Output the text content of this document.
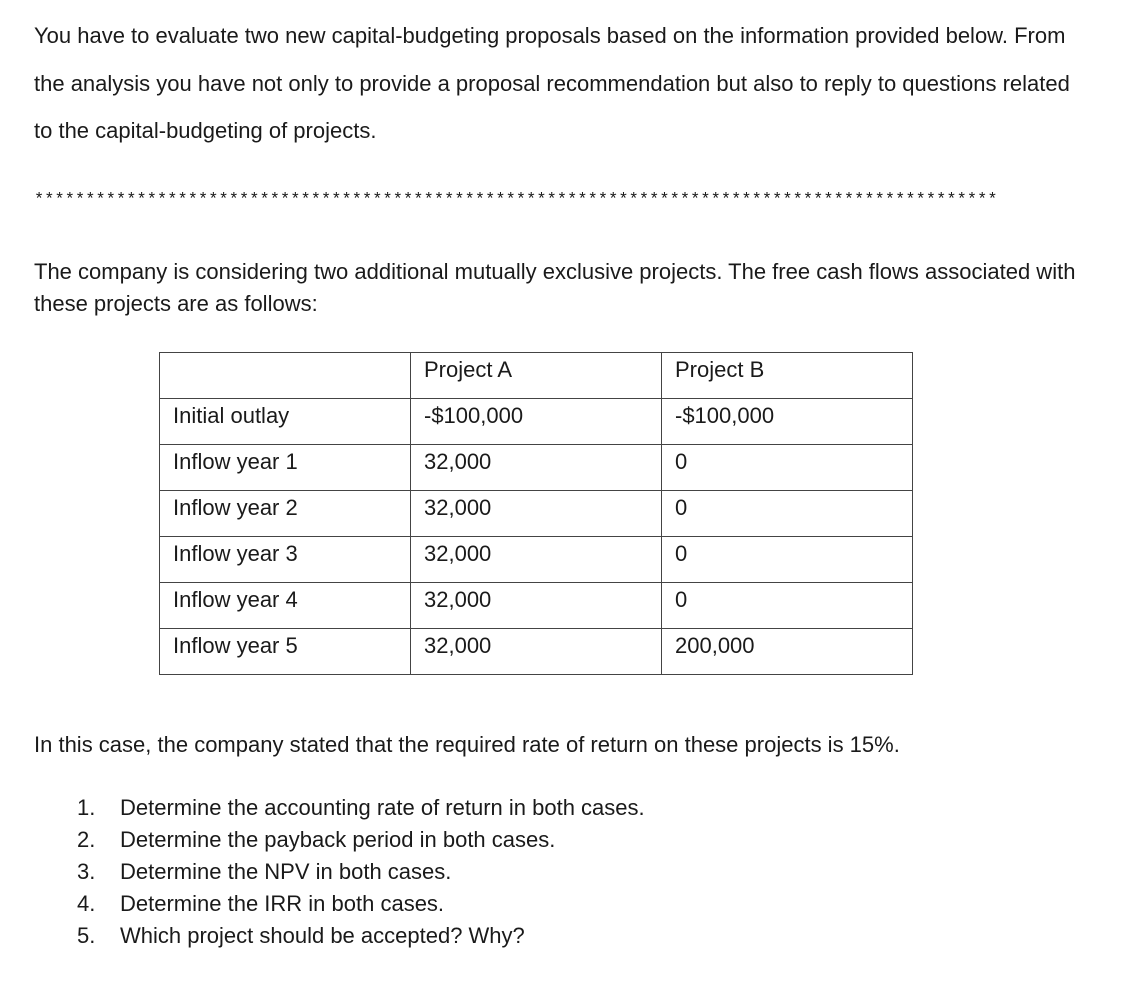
You have to evaluate two new capital-budgeting proposals based on the information provided below. From the analysis you have not only to provide a proposal recommendation but also to reply to questions related to the capital-budgeting of projects.

**********************************************************************************************

The company is considering two additional mutually exclusive projects. The free cash flows associated with these projects are as follows:

	Project A	Project B
Initial outlay	-$100,000	-$100,000
Inflow year 1	32,000	0
Inflow year 2	32,000	0
Inflow year 3	32,000	0
Inflow year 4	32,000	0
Inflow year 5	32,000	200,000

In this case, the company stated that the required rate of return on these projects is 15%.

1. Determine the accounting rate of return in both cases.
2. Determine the payback period in both cases.
3. Determine the NPV in both cases.
4. Determine the IRR in both cases.
5. Which project should be accepted? Why?
